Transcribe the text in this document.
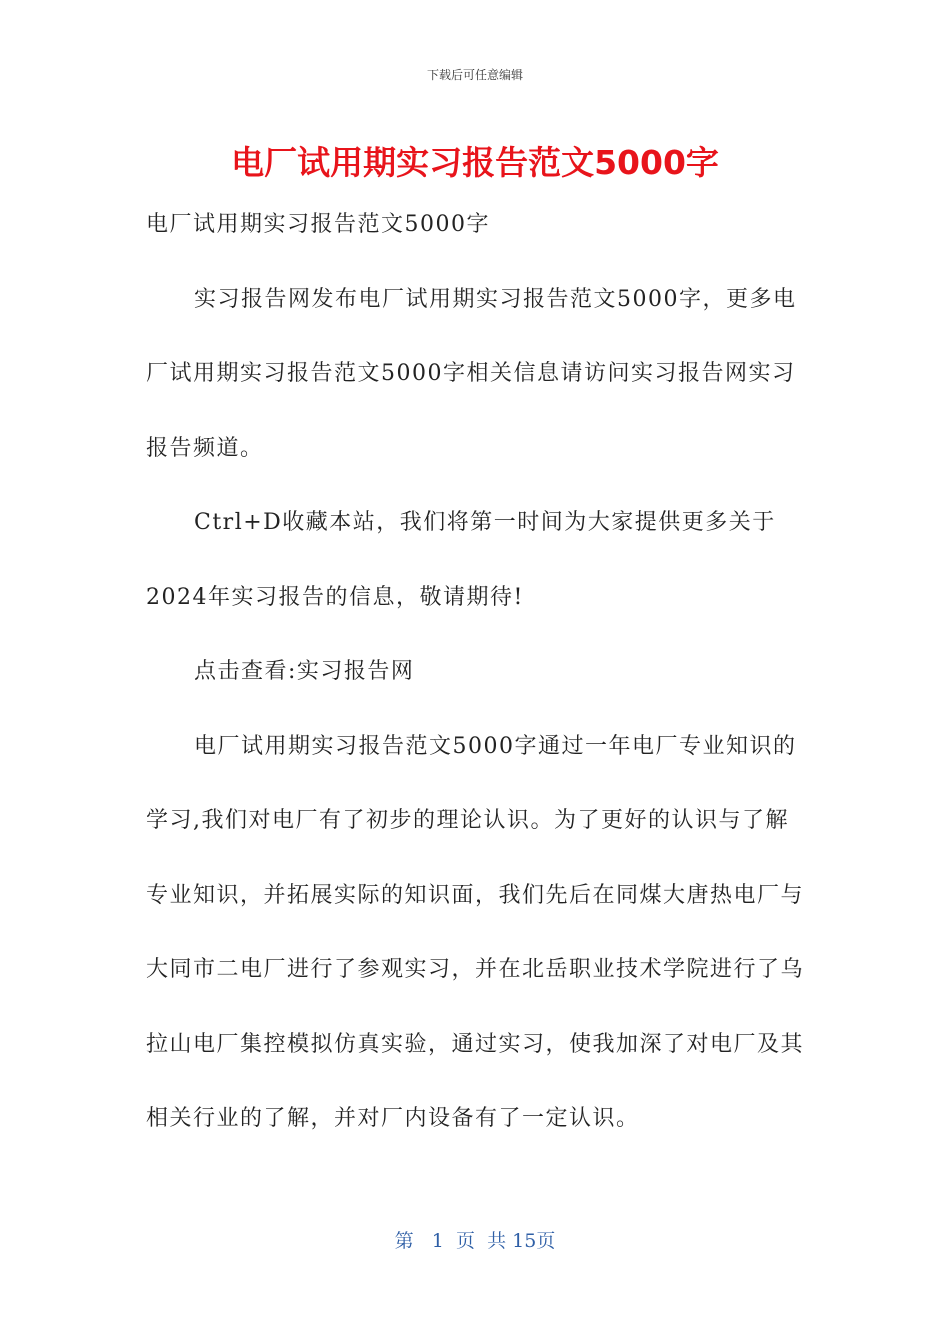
下载后可任意编辑
电厂试用期实习报告范文5000字

电厂试用期实习报告范文5000字

实习报告网发布电厂试用期实习报告范文5000字，更多电厂试用期实习报告范文5000字相关信息请访问实习报告网实习报告频道。

Ctrl+D收藏本站，我们将第一时间为大家提供更多关于2024年实习报告的信息，敬请期待!

点击查看:实习报告网

电厂试用期实习报告范文5000字通过一年电厂专业知识的学习,我们对电厂有了初步的理论认识。为了更好的认识与了解专业知识，并拓展实际的知识面，我们先后在同煤大唐热电厂与大同市二电厂进行了参观实习，并在北岳职业技术学院进行了乌拉山电厂集控模拟仿真实验，通过实习，使我加深了对电厂及其相关行业的了解，并对厂内设备有了一定认识。

第 1 页 共 15页
